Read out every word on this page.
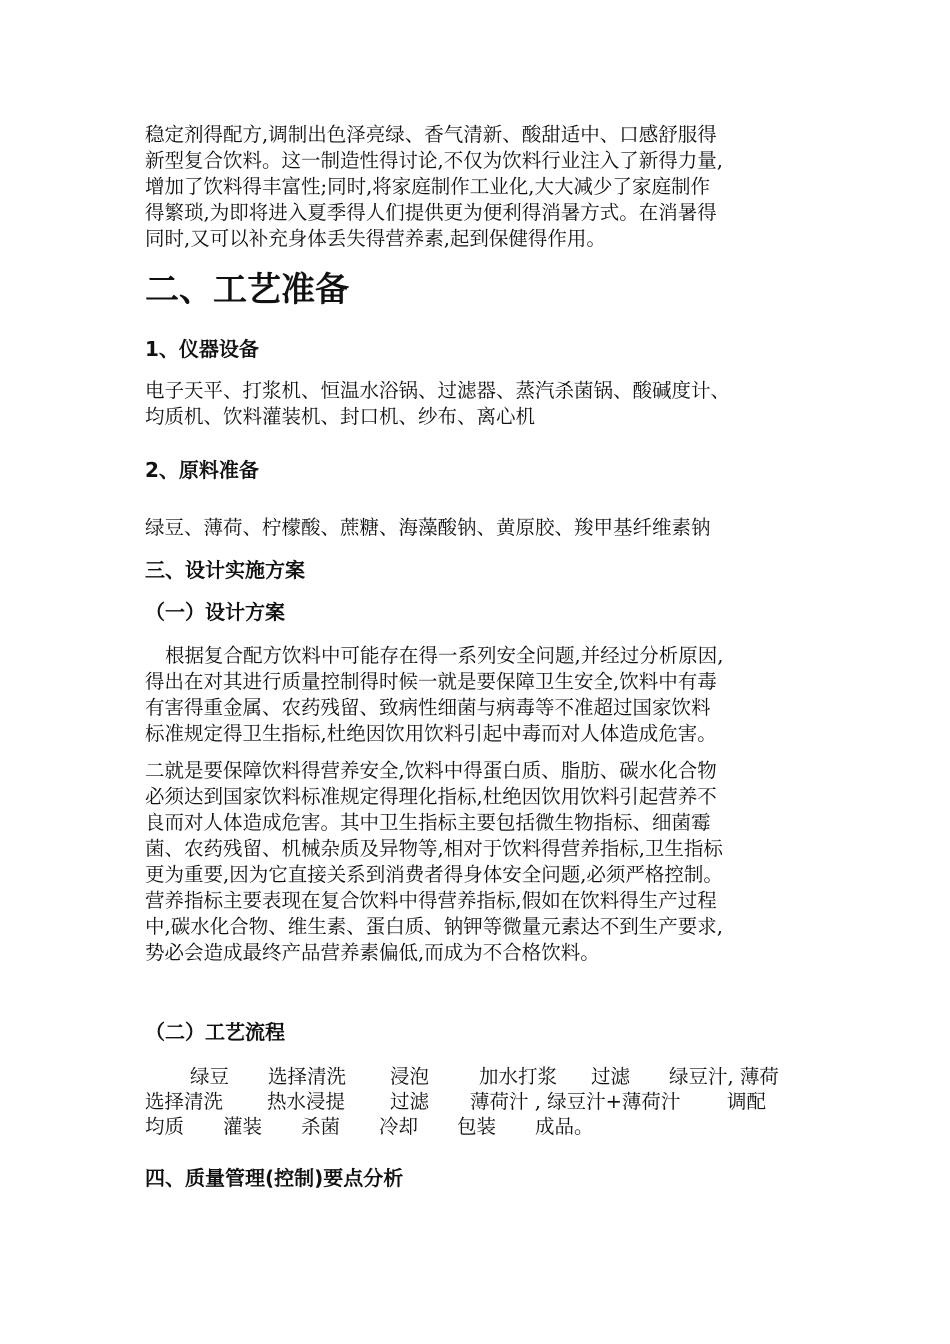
稳定剂得配方,调制出色泽亮绿、香气清新、酸甜适中、口感舒服得
新型复合饮料。这一制造性得讨论,不仅为饮料行业注入了新得力量,
增加了饮料得丰富性;同时,将家庭制作工业化,大大减少了家庭制作
得繁琐,为即将进入夏季得人们提供更为便利得消暑方式。在消暑得
同时,又可以补充身体丢失得营养素,起到保健得作用。
二、工艺准备
1、仪器设备
电子天平、打浆机、恒温水浴锅、过滤器、蒸汽杀菌锅、酸碱度计、
均质机、饮料灌装机、封口机、纱布、离心机
2、原料准备
绿豆、薄荷、柠檬酸、蔗糖、海藻酸钠、黄原胶、羧甲基纤维素钠
三、设计实施方案
（一）设计方案
根据复合配方饮料中可能存在得一系列安全问题,并经过分析原因,
得出在对其进行质量控制得时候一就是要保障卫生安全,饮料中有毒
有害得重金属、农药残留、致病性细菌与病毒等不准超过国家饮料
标准规定得卫生指标,杜绝因饮用饮料引起中毒而对人体造成危害。
二就是要保障饮料得营养安全,饮料中得蛋白质、脂肪、碳水化合物
必须达到国家饮料标准规定得理化指标,杜绝因饮用饮料引起营养不
良而对人体造成危害。其中卫生指标主要包括微生物指标、细菌霉
菌、农药残留、机械杂质及异物等,相对于饮料得营养指标,卫生指标
更为重要,因为它直接关系到消费者得身体安全问题,必须严格控制。
营养指标主要表现在复合饮料中得营养指标,假如在饮料得生产过程
中,碳水化合物、维生素、蛋白质、钠钾等微量元素达不到生产要求,
势必会造成最终产品营养素偏低,而成为不合格饮料。
（二）工艺流程
绿豆 选择清洗 浸泡	加水打浆 过滤 绿豆汁, 薄荷
选择清洗 热水浸提 过滤 薄荷汁 , 绿豆汁+薄荷汁 调配
均质 灌装 杀菌 冷却 包装 成品。
四、质量管理(控制)要点分析
